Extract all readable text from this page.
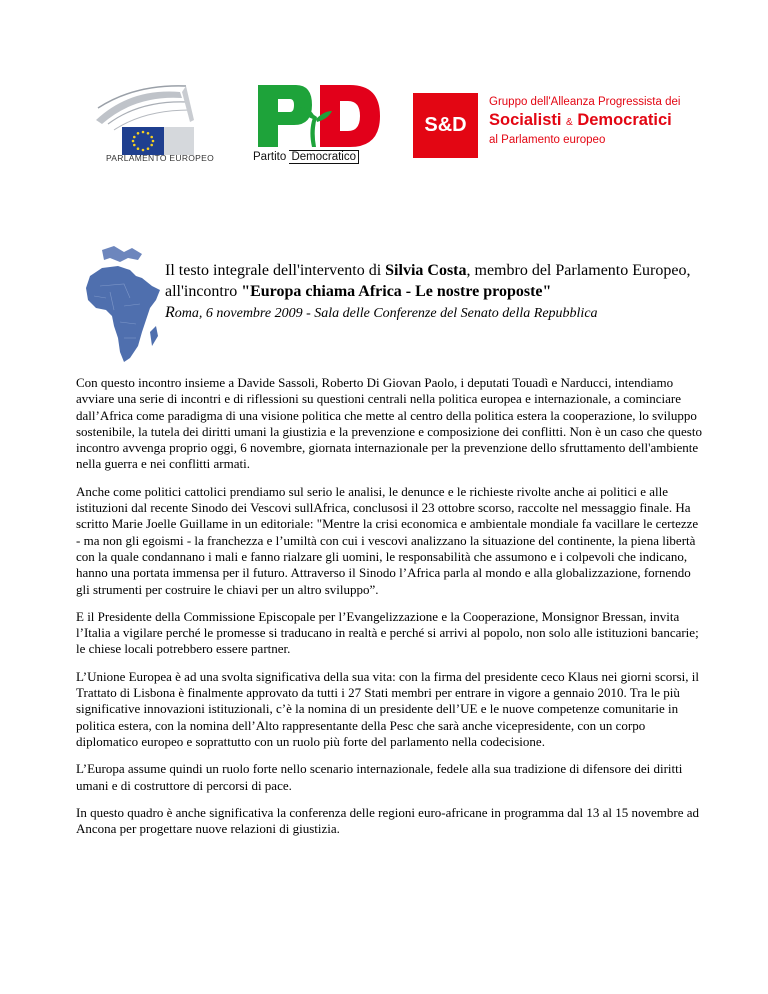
PARLAMENTO EUROPEO	Partito Democratico
S&D
Gruppo dell'Alleanza Progressista dei
Socialisti & Democratici
al Parlamento europeo
Il testo integrale dell'intervento di Silvia Costa, membro del Parlamento Europeo, all'incontro "Europa chiama Africa - Le nostre proposte"
Roma, 6 novembre 2009 - Sala delle Conferenze del Senato della Repubblica

Con questo incontro insieme a Davide Sassoli, Roberto Di Giovan Paolo, i deputati Touadì e Narducci, intendiamo avviare una serie di incontri e di riflessioni su questioni centrali nella politica europea e internazionale, a cominciare dall’Africa come paradigma di una visione politica che mette al centro della politica estera la cooperazione, lo sviluppo sostenibile, la tutela dei diritti umani la giustizia e la prevenzione e composizione dei conflitti. Non è un caso che questo incontro avvenga proprio oggi, 6 novembre, giornata internazionale per la prevenzione dello sfruttamento dell'ambiente nella guerra e nei conflitti armati.

Anche come politici cattolici prendiamo sul serio le analisi, le denunce e le richieste rivolte anche ai politici e alle istituzioni dal recente Sinodo dei Vescovi sullAfrica, conclusosi il 23 ottobre scorso, raccolte nel messaggio finale. Ha scritto Marie Joelle Guillame in un editoriale: "Mentre la crisi economica e ambientale mondiale fa vacillare le certezze - ma non gli egoismi - la franchezza e l’umiltà con cui i vescovi analizzano la situazione del continente, la piena libertà con la quale condannano i mali e fanno rialzare gli uomini, le responsabilità che assumono e i colpevoli che indicano, hanno una portata immensa per il futuro. Attraverso il Sinodo l’Africa parla al mondo e alla globalizzazione, fornendo gli strumenti per costruire le chiavi per un altro sviluppo”.

E il Presidente della Commissione Episcopale per l’Evangelizzazione e la Cooperazione, Monsignor Bressan, invita l’Italia a vigilare perché le promesse si traducano in realtà e perché si arrivi al popolo, non solo alle istituzioni bancarie; le chiese locali potrebbero essere partner.

L’Unione Europea è ad una svolta significativa della sua vita: con la firma del presidente ceco Klaus nei giorni scorsi, il Trattato di Lisbona è finalmente approvato da tutti i 27 Stati membri per entrare in vigore a gennaio 2010. Tra le più significative innovazioni istituzionali, c’è la nomina di un presidente dell’UE e le nuove competenze comunitarie in politica estera, con la nomina dell’Alto rappresentante della Pesc che sarà anche vicepresidente, con un corpo diplomatico europeo e soprattutto con un ruolo più forte del parlamento nella codecisione.

L’Europa assume quindi un ruolo forte nello scenario internazionale, fedele alla sua tradizione di difensore dei diritti umani e di costruttore di percorsi di pace.

In questo quadro è anche significativa la conferenza delle regioni euro-africane in programma dal 13 al 15 novembre ad Ancona per progettare nuove relazioni di giustizia.
